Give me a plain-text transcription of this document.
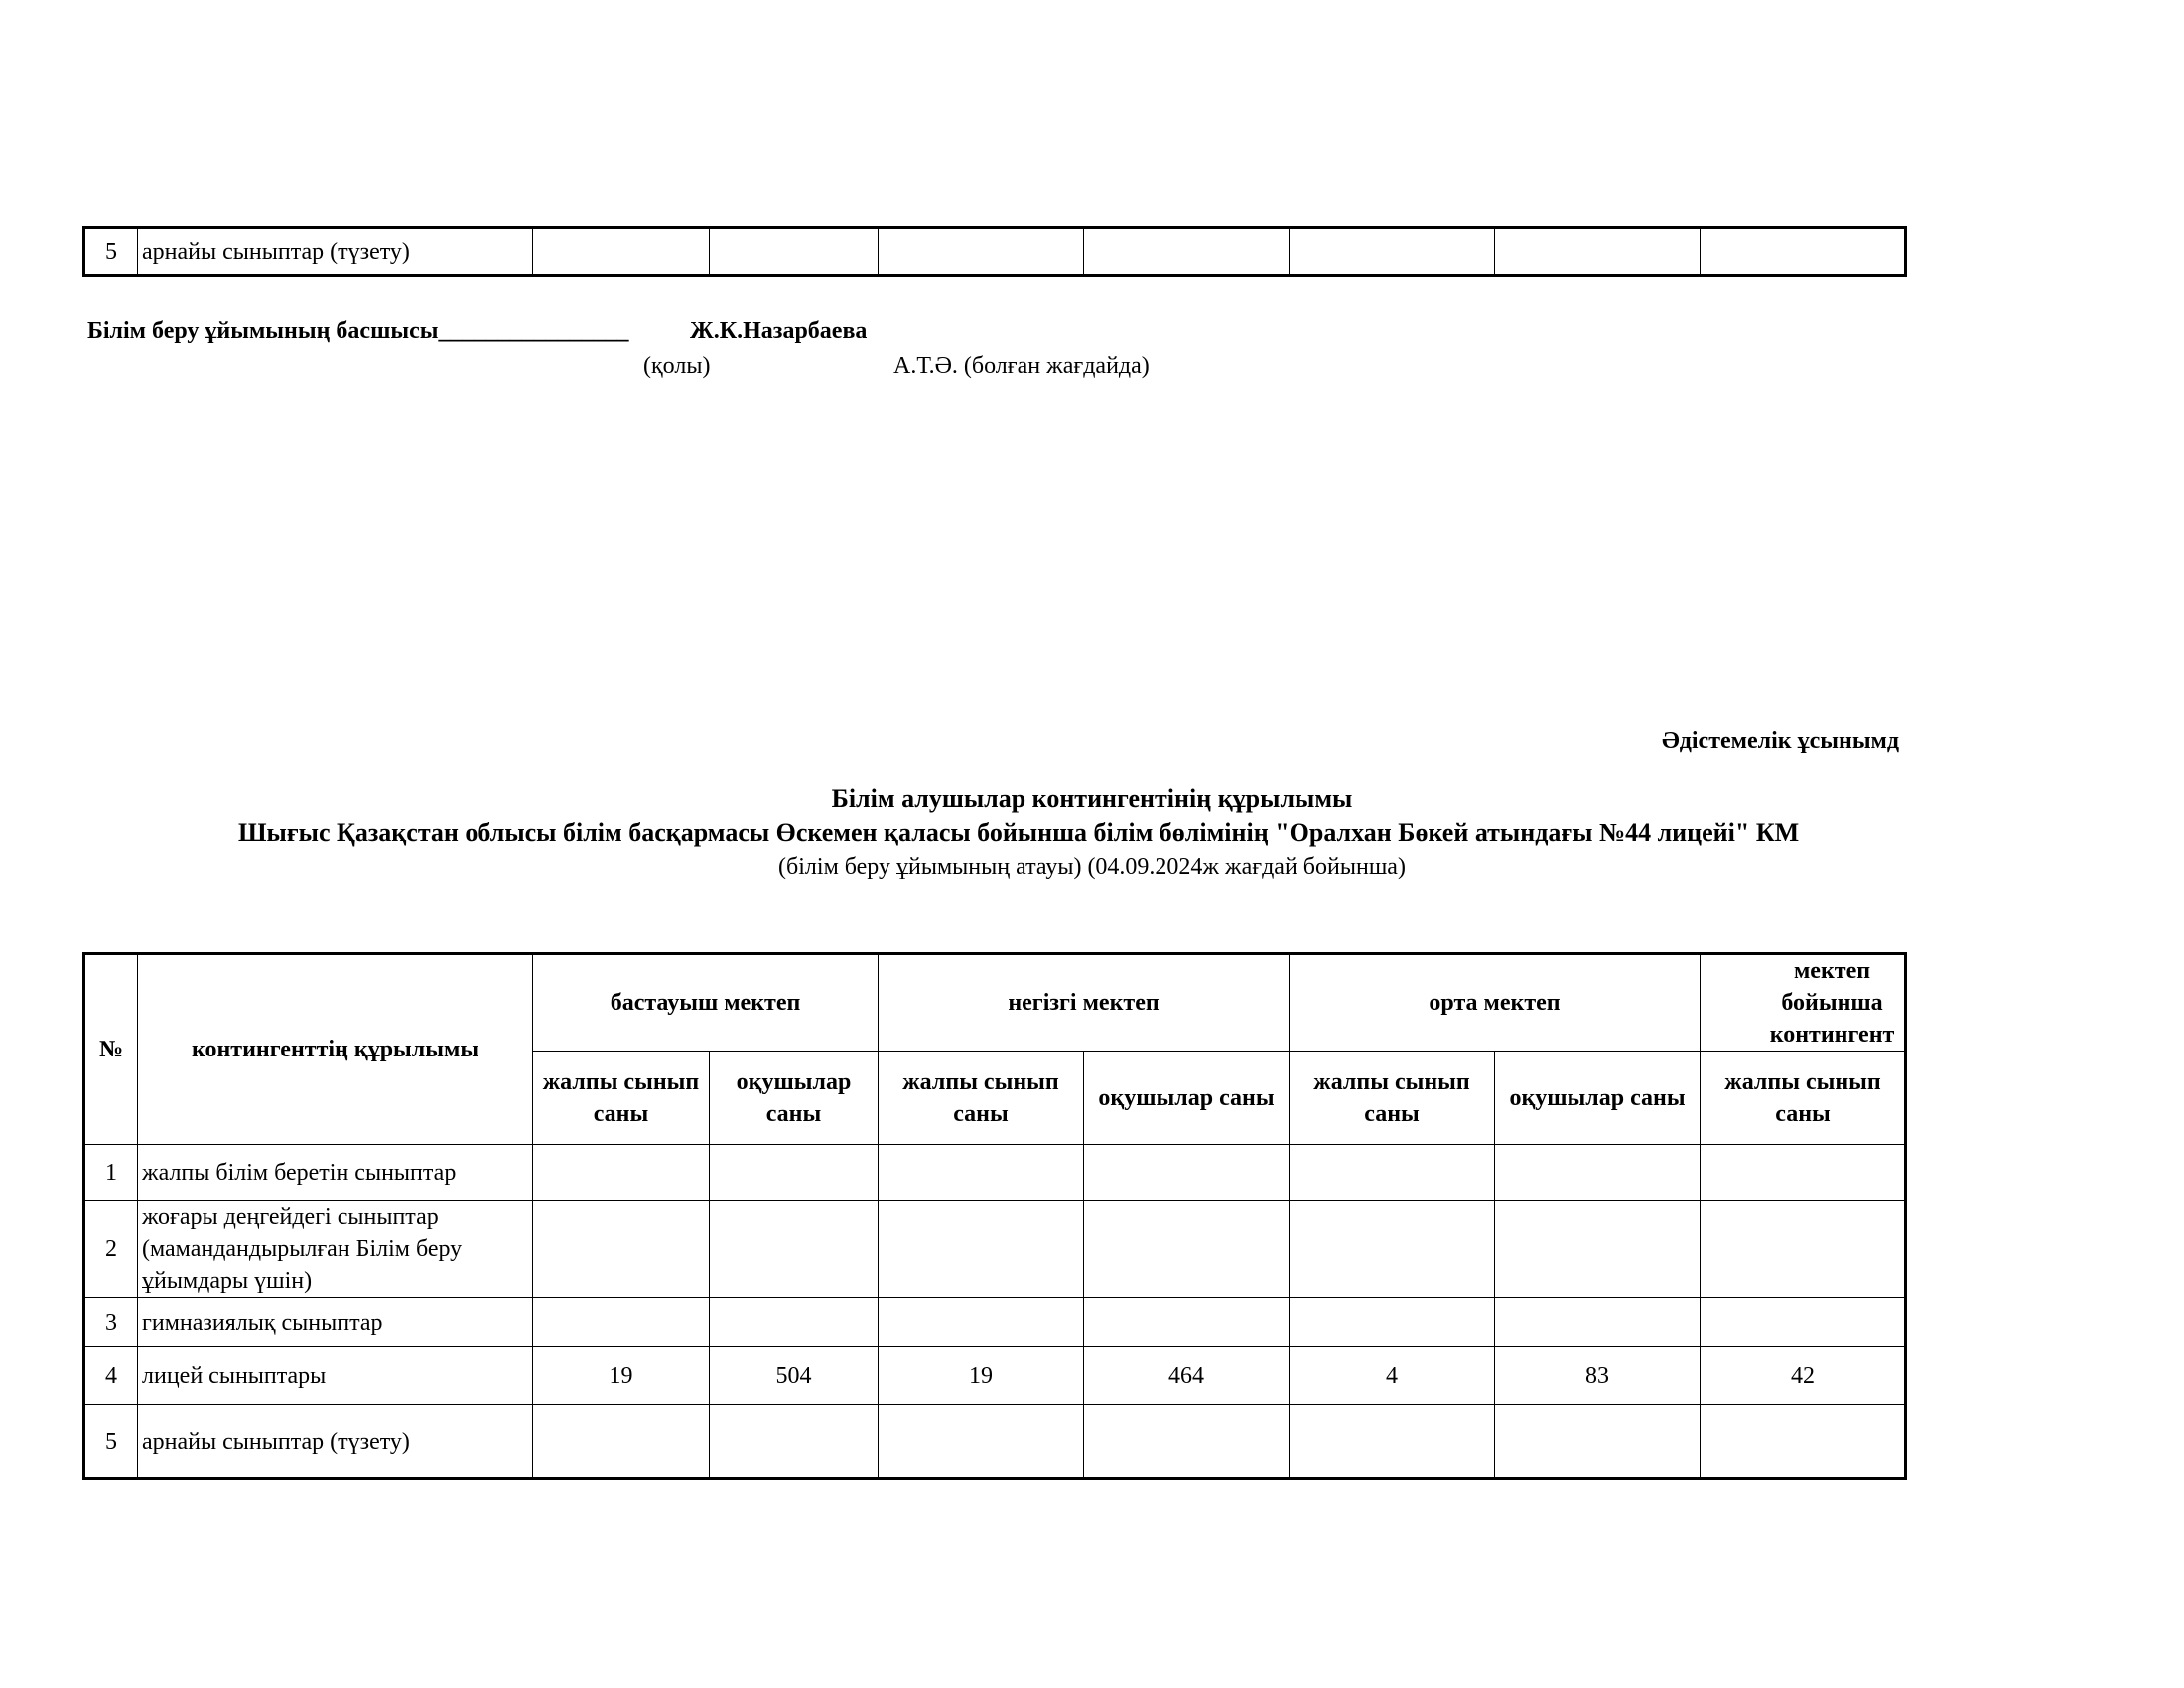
5	арнайы сыныптар (түзету)							
Білім беру ұйымының басшысы________________	Ж.К.Назарбаева
(қолы)	А.Т.Ә. (болған жағдайда)
Әдістемелік ұсынымд
Білім алушылар контингентінің құрылымы
Шығыс Қазақстан облысы білім басқармасы Өскемен қаласы бойынша білім бөлімінің "Оралхан Бөкей атындағы №44 лицейі" КМ
(білім беру ұйымының атауы) (04.09.2024ж жағдай бойынша)
№	контингенттің құрылымы	бастауыш мектеп		негізгі мектеп		орта мектеп		мектеп бойынша контингент	
		жалпы сынып саны	оқушылар саны	жалпы сынып саны	оқушылар саны	жалпы сынып саны	оқушылар саны	жалпы сынып саны	
1	жалпы білім беретін сыныптар								
2	жоғары деңгейдегі сыныптар (мамандандырылған Білім беру ұйымдары үшін)								
3	гимназиялық сыныптар								
4	лицей сыныптары	19	504	19	464	4	83	42	
5	арнайы сыныптар (түзету)								
